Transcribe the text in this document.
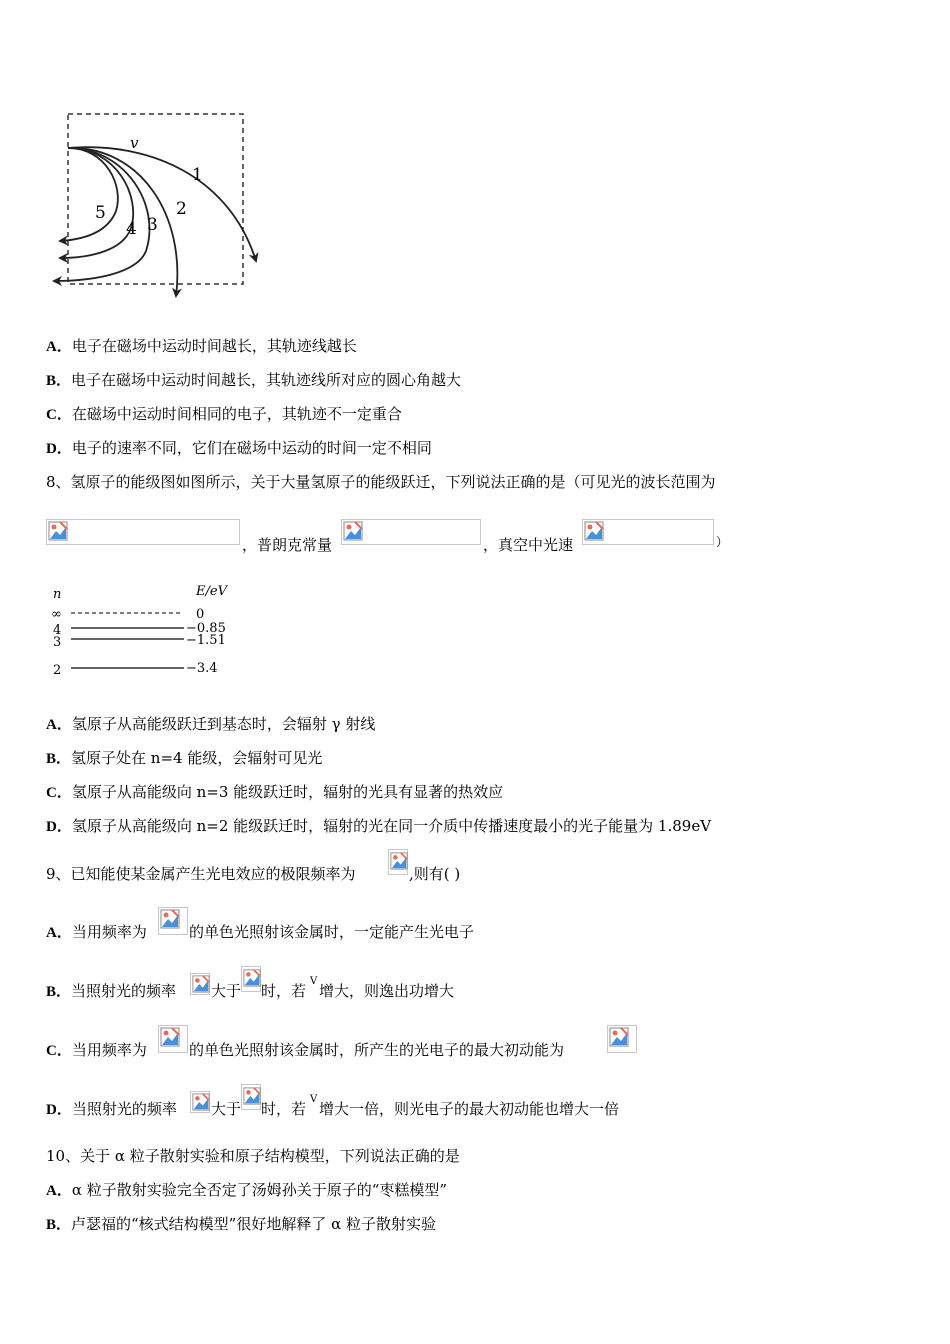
v
1
2
3
4
5
A．电子在磁场中运动时间越长，其轨迹线越长
B．电子在磁场中运动时间越长，其轨迹线所对应的圆心角越大
C．在磁场中运动时间相同的电子，其轨迹不一定重合
D．电子的速率不同，它们在磁场中运动的时间一定不相同
8、氢原子的能级图如图所示，关于大量氢原子的能级跃迁，下列说法正确的是（可见光的波长范围为
，普朗克常量	，真空中光速	）
n	E/eV
∞	0
4	−0.85
3	−1.51
2	−3.4
A．氢原子从高能级跃迁到基态时，会辐射 γ 射线
B．氢原子处在 n=4 能级，会辐射可见光
C．氢原子从高能级向 n=3 能级跃迁时，辐射的光具有显著的热效应
D．氢原子从高能级向 n=2 能级跃迁时，辐射的光在同一介质中传播速度最小的光子能量为 1.89eV
9、已知能使某金属产生光电效应的极限频率为	,则有( )
A．当用频率为	的单色光照射该金属时，一定能产生光电子
B．当照射光的频率 大于 时，若
V
增大，则逸出功增大
C．当用频率为	的单色光照射该金属时，所产生的光电子的最大初动能为
D．当照射光的频率 大于 时，若
V
增大一倍，则光电子的最大初动能也增大一倍
10、关于 α 粒子散射实验和原子结构模型，下列说法正确的是
A．α 粒子散射实验完全否定了汤姆孙关于原子的“枣糕模型”
B．卢瑟福的“核式结构模型”很好地解释了 α 粒子散射实验
